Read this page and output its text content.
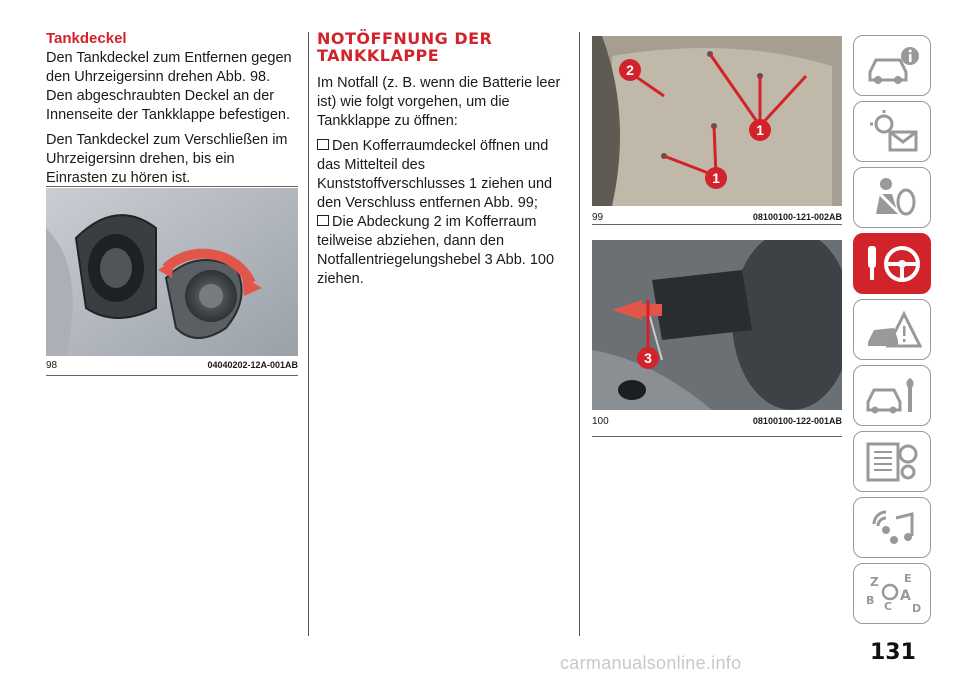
Tankdeckel

Den Tankdeckel zum Entfernen gegen den Uhrzeigersinn drehen Abb. 98. Den abgeschraubten Deckel an der Innenseite der Tankklappe befestigen.

Den Tankdeckel zum Verschließen im Uhrzeigersinn drehen, bis ein Einrasten zu hören ist.

98	04040202-12A-001AB
NOTÖFFNUNG DER TANKKLAPPE

Im Notfall (z. B. wenn die Batterie leer ist) wie folgt vorgehen, um die Tankklappe zu öffnen:

Den Kofferraumdeckel öffnen und das Mittelteil des Kunststoffverschlusses 1 ziehen und den Verschluss entfernen Abb. 99;
Die Abdeckung 2 im Kofferraum teilweise abziehen, dann den Notfallentriegelungshebel 3 Abb. 100 ziehen.
1
1
2
99	08100100-121-002AB
3
100	08100100-122-001AB
Z E
B A
C D
131
carmanualsonline.info
